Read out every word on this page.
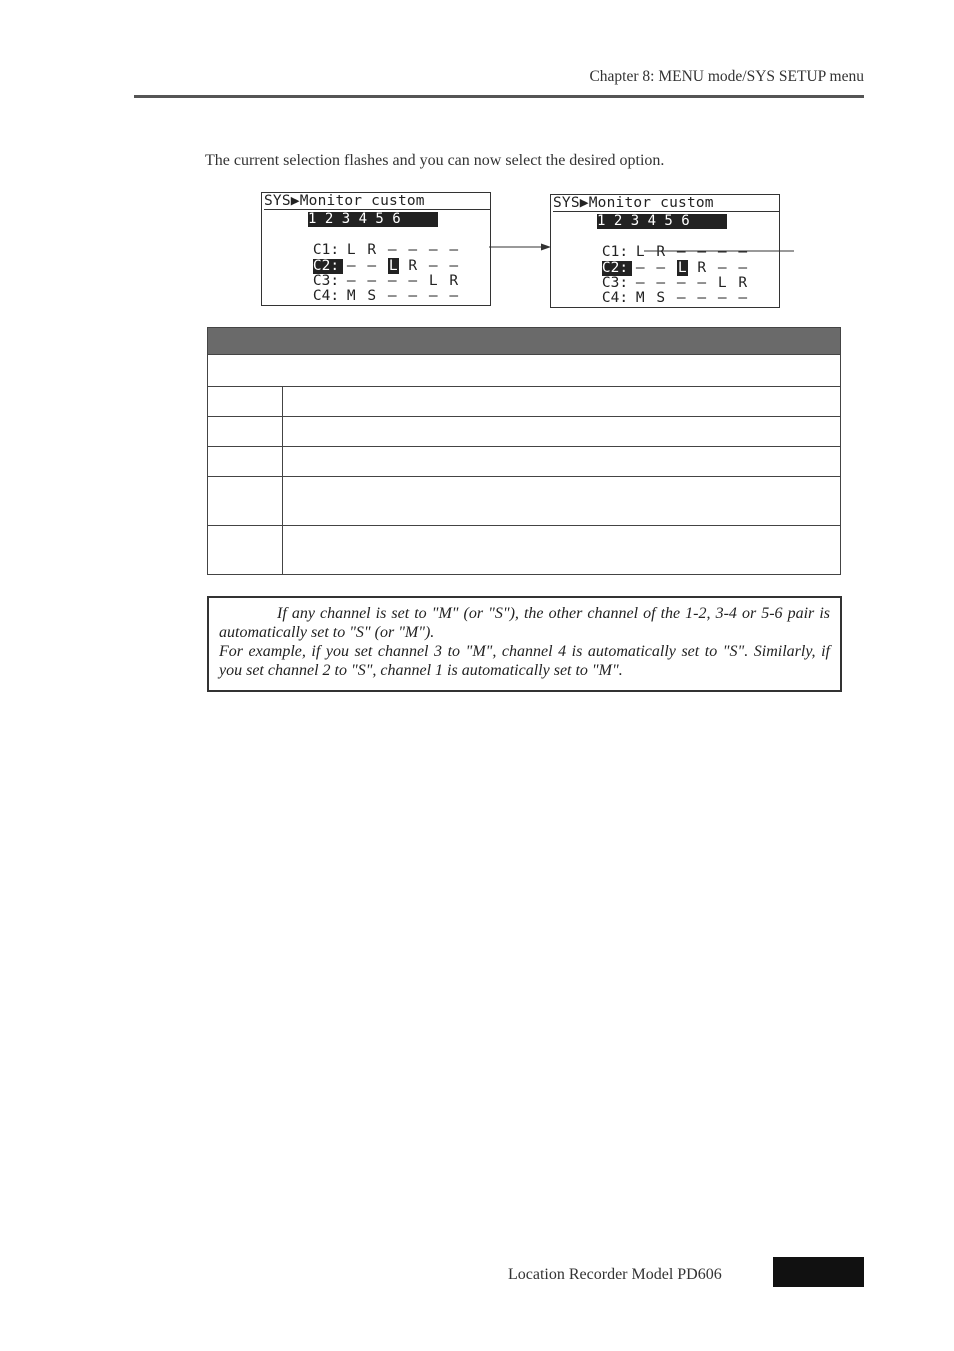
Chapter 8: MENU mode/SYS SETUP menu
The current selection flashes and you can now select the desired option.
SYS▶Monitor custom
1 2 3 4 5 6

C1: L R – – – –

C2: – – L R – –

C3: – – – – L R

C4: M S – – – –

SYS▶Monitor custom
1 2 3 4 5 6

C1: L R – – – –

C2: – – L R – –

C3: – – – – L R

C4: M S – – – –

If any channel is set to "M" (or "S"), the other channel of the 1-2, 3-4 or 5-6 pair is automatically set to "S" (or "M").

For example, if you set channel 3 to "M", channel 4 is automatically set to "S". Similarly, if you set channel 2 to "S", channel 1 is automatically set to "M".

Location Recorder Model PD606
